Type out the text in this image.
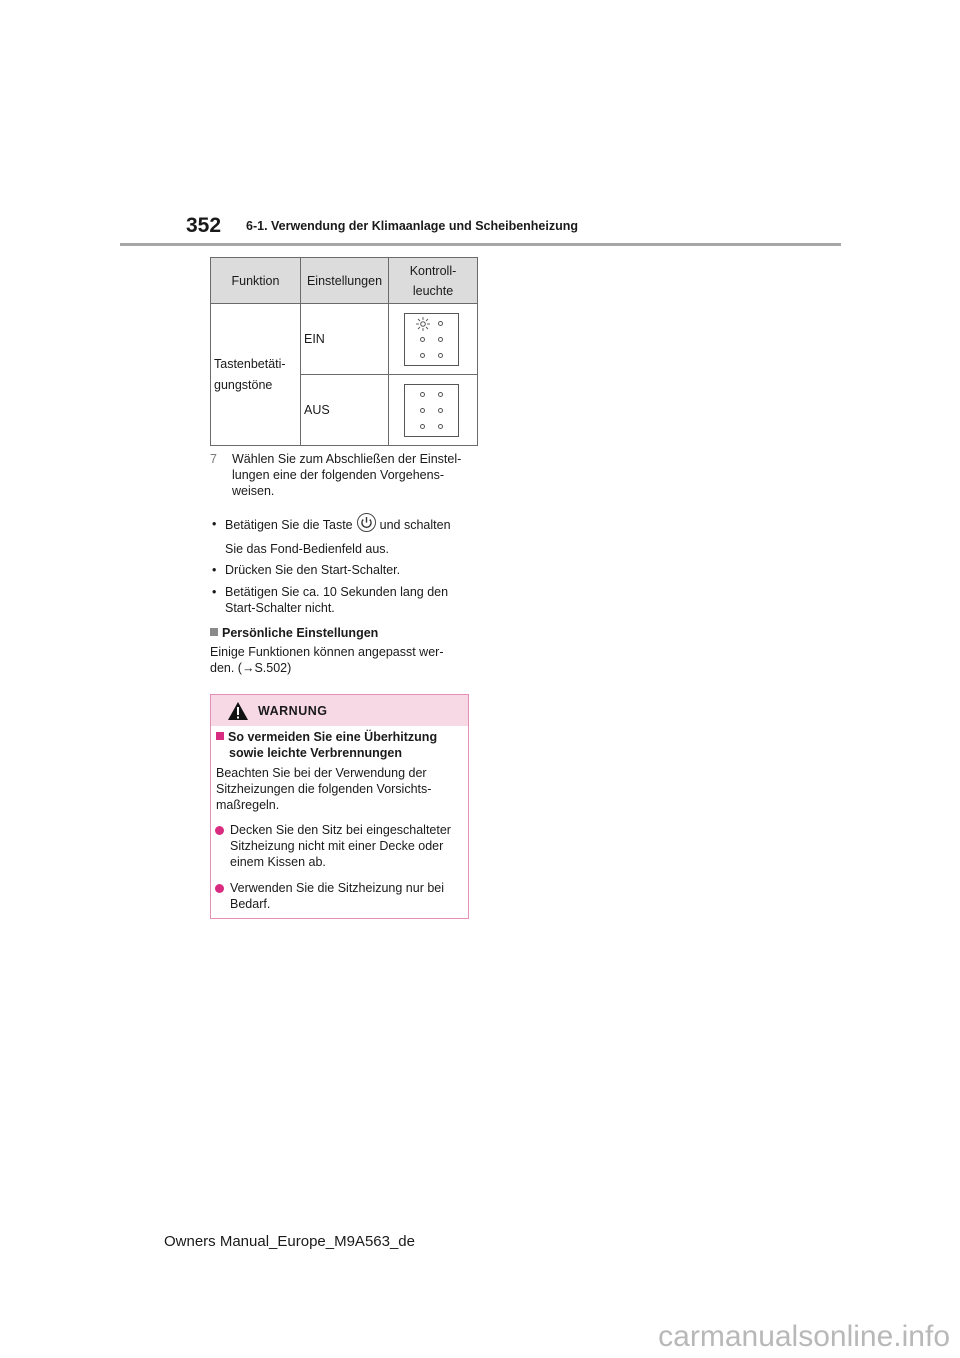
352 6-1. Verwendung der Klimaanlage und Scheibenheizung
Funktion	Einstellungen	Kontroll-
leuchte

Tastenbetäti-
gungstöne	EIN	

	AUS	
7 Wählen Sie zum Abschließen der Einstel-lungen eine der folgenden Vorgehens-weisen.
• Betätigen Sie die Taste und schalten
Sie das Fond-Bedienfeld aus.
• Drücken Sie den Start-Schalter.
• Betätigen Sie ca. 10 Sekunden lang den
Start-Schalter nicht.
Persönliche Einstellungen
Einige Funktionen können angepasst wer-
den. (→S.502)
WARNUNG
So vermeiden Sie eine Überhitzung
sowie leichte Verbrennungen
Beachten Sie bei der Verwendung der
Sitzheizungen die folgenden Vorsichts-
maßregeln.
Decken Sie den Sitz bei eingeschalteter
Sitzheizung nicht mit einer Decke oder
einem Kissen ab.
Verwenden Sie die Sitzheizung nur bei
Bedarf.
Owners Manual_Europe_M9A563_de
carmanualsonline.info
